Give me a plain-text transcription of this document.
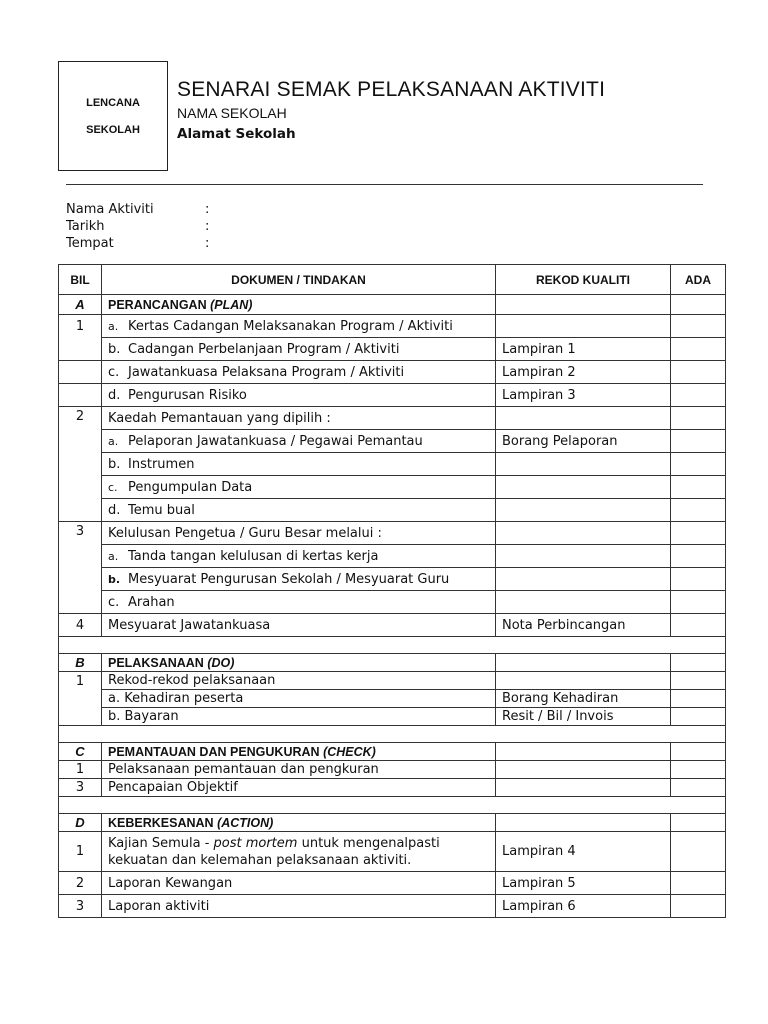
LENCANA
SEKOLAH
SENARAI SEMAK PELAKSANAAN AKTIVITI
NAMA SEKOLAH
Alamat Sekolah
Nama Aktiviti	:
Tarikh	:
Tempat	:
BIL	DOKUMEN / TINDAKAN	REKOD KUALITI	ADA
A	PERANCANGAN (PLAN)		
1	a. Kertas Cadangan Melaksanakan Program / Aktiviti		
	b. Cadangan Perbelanjaan Program / Aktiviti	Lampiran 1	
	c. Jawatankuasa Pelaksana Program / Aktiviti	Lampiran 2	
	d. Pengurusan Risiko	Lampiran 3	
2	Kaedah Pemantauan yang dipilih :		
	a. Pelaporan Jawatankuasa / Pegawai Pemantau	Borang Pelaporan	
	b. Instrumen		
	c. Pengumpulan Data		
	d. Temu bual		
3	Kelulusan Pengetua / Guru Besar melalui :		
	a. Tanda tangan kelulusan di kertas kerja		
	b. Mesyuarat Pengurusan Sekolah / Mesyuarat Guru		
	c. Arahan		
4	Mesyuarat Jawatankuasa	Nota Perbincangan	

B	PELAKSANAAN (DO)		
1	Rekod-rekod pelaksanaan		
	a. Kehadiran peserta	Borang Kehadiran	
	b. Bayaran	Resit / Bil / Invois	

C	PEMANTAUAN DAN PENGUKURAN (CHECK)		
1	Pelaksanaan pemantauan dan pengkuran		
3	Pencapaian Objektif		

D	KEBERKESANAN (ACTION)		
1	Kajian Semula - post mortem untuk mengenalpasti kekuatan dan kelemahan pelaksanaan aktiviti.	Lampiran 4	
2	Laporan Kewangan	Lampiran 5	
3	Laporan aktiviti	Lampiran 6	
